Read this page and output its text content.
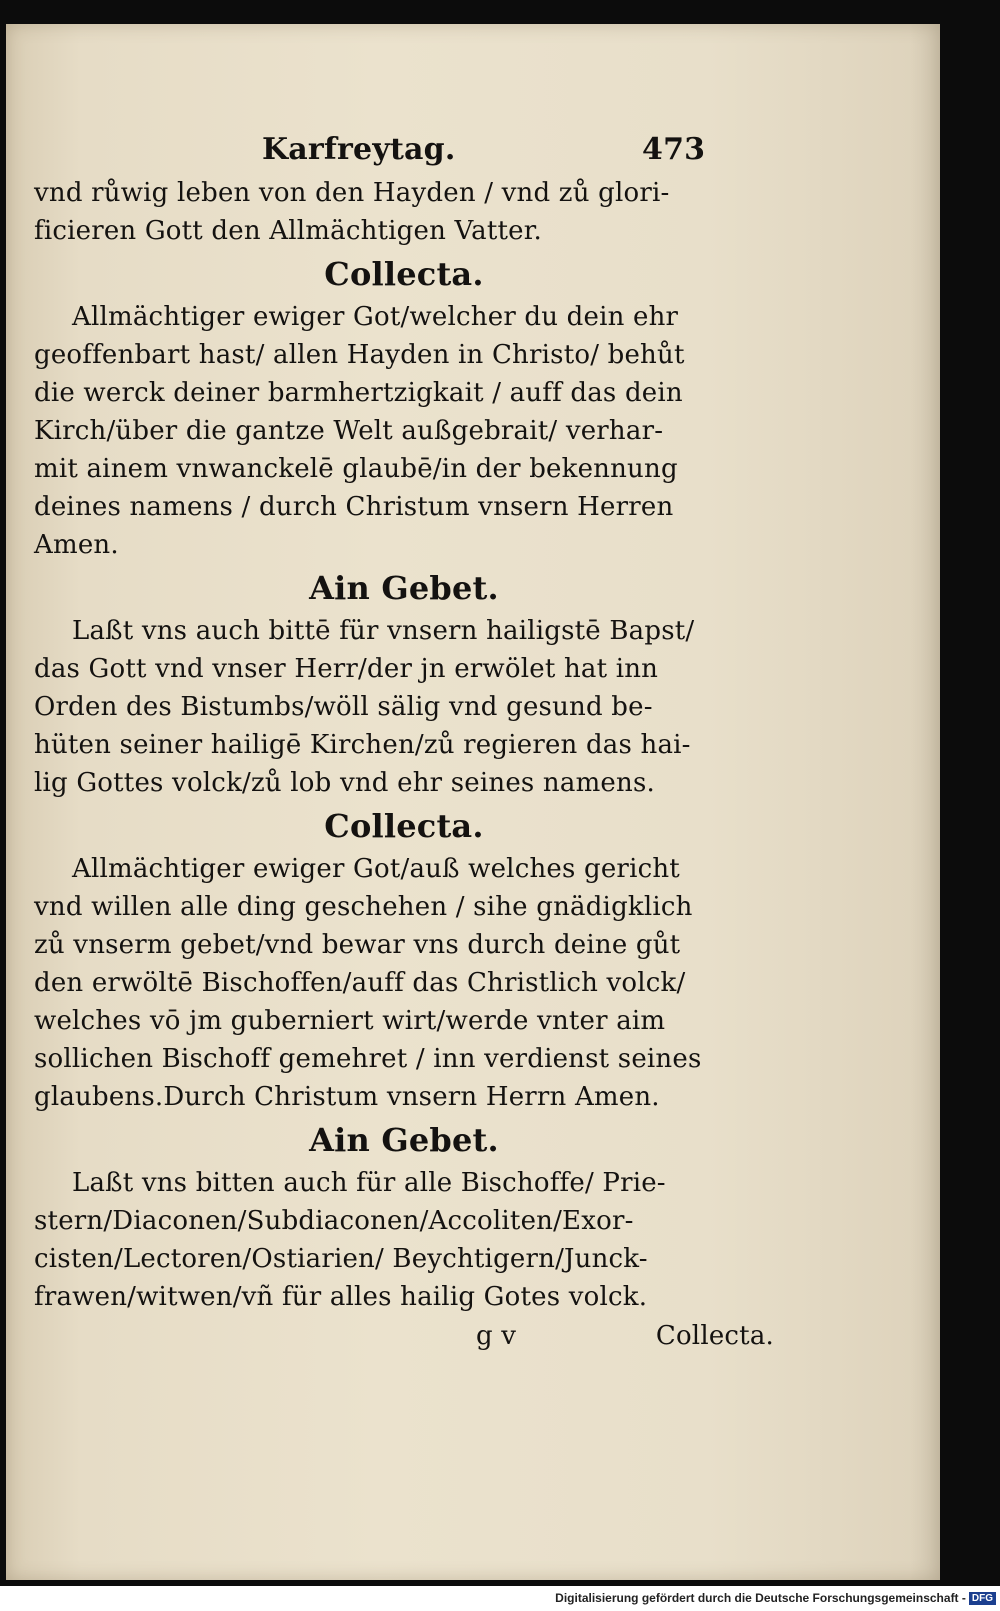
Karfreytag.	473
vnd růwig leben von den Hayden / vnd zů glori-
ficieren Gott den Allmächtigen Vatter.
Collecta.
Allmächtiger ewiger Got/welcher du dein ehr
geoffenbart hast/ allen Hayden in Christo/ behůt
die werck deiner barmhertzigkait / auff das dein
Kirch/über die gantze Welt außgebrait/ verhar-
mit ainem vnwanckelē glaubē/in der bekennung
deines namens / durch Christum vnsern Herren
Amen.
Ain Gebet.
Laßt vns auch bittē für vnsern hailigstē Bapst/
das Gott vnd vnser Herr/der jn erwölet hat inn
Orden des Bistumbs/wöll sälig vnd gesund be-
hüten seiner hailigē Kirchen/zů regieren das hai-
lig Gottes volck/zů lob vnd ehr seines namens.
Collecta.
Allmächtiger ewiger Got/auß welches gericht
vnd willen alle ding geschehen / sihe gnädigklich
zů vnserm gebet/vnd bewar vns durch deine gůt
den erwöltē Bischoffen/auff das Christlich volck/
welches vō jm guberniert wirt/werde vnter aim
sollichen Bischoff gemehret / inn verdienst seines
glaubens.Durch Christum vnsern Herrn Amen.
Ain Gebet.
Laßt vns bitten auch für alle Bischoffe/ Prie-
stern/Diaconen/Subdiaconen/Accoliten/Exor-
cisten/Lectoren/Ostiarien/ Beychtigern/Junck-
frawen/witwen/vñ für alles hailig Gotes volck.
g v	Collecta.
Digitalisierung gefördert durch die Deutsche Forschungsgemeinschaft - DFG
